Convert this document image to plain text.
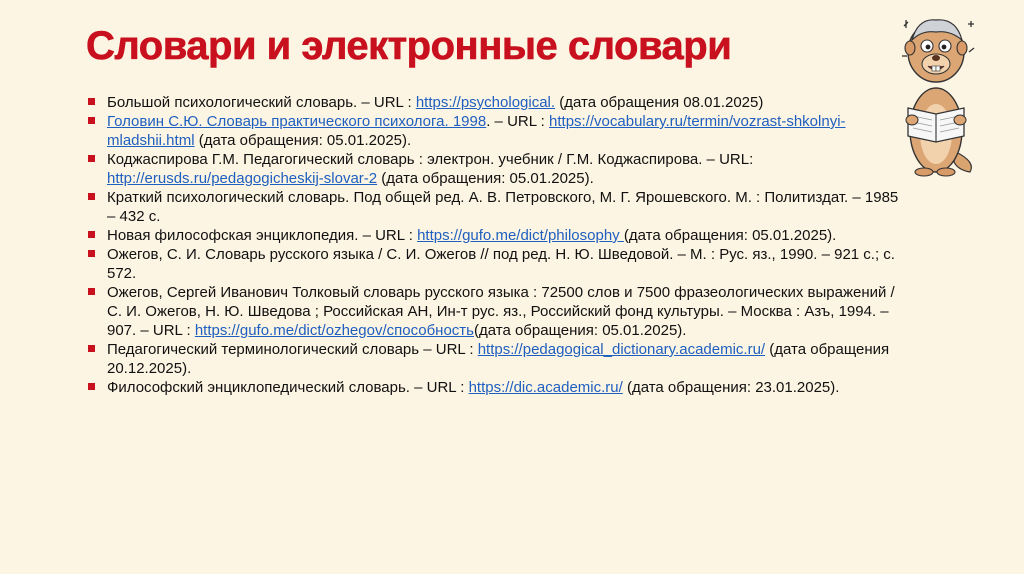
Словари и электронные словари
Большой психологический словарь. – URL : https://psychological. (дата обращения 08.01.2025)
Головин С.Ю. Словарь практического психолога. 1998. – URL : https://vocabulary.ru/termin/vozrast-shkolnyi-mladshii.html (дата обращения: 05.01.2025).
Коджаспирова Г.М. Педагогический словарь : электрон. учебник / Г.М. Коджаспирова. – URL: http://erusds.ru/pedagogicheskij-slovar-2 (дата обращения: 05.01.2025).
Краткий психологический словарь. Под общей ред. А. В. Петровского, М. Г. Ярошевского. М. : Политиздат. – 1985 – 432 с.
Новая философская энциклопедия. – URL : https://gufo.me/dict/philosophy (дата обращения: 05.01.2025).
Ожегов, С. И. Словарь русского языка / С. И. Ожегов // под ред. Н. Ю. Шведовой. – М. : Рус. яз., 1990. – 921 с.; с. 572.
Ожегов, Сергей Иванович Толковый словарь русского языка : 72500 слов и 7500 фразеологических выражений / С. И. Ожегов, Н. Ю. Шведова ; Российская АН, Ин-т рус. яз., Российский фонд культуры. – Москва : Азъ, 1994. – 907. – URL : https://gufo.me/dict/ozhegov/способность(дата обращения: 05.01.2025).
Педагогический терминологический словарь – URL : https://pedagogical_dictionary.academic.ru/ (дата обращения 20.12.2025).
Философский энциклопедический словарь. – URL : https://dic.academic.ru/ (дата обращения: 23.01.2025).
